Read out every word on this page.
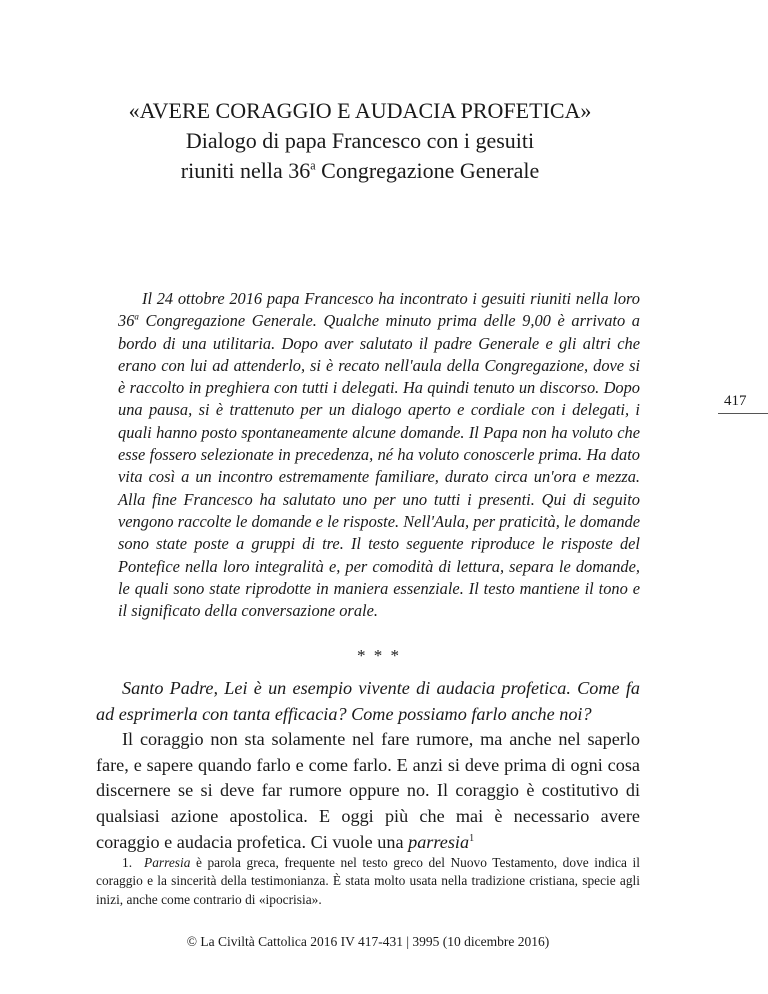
«AVERE CORAGGIO E AUDACIA PROFETICA»
Dialogo di papa Francesco con i gesuiti
riuniti nella 36$^a$ Congregazione Generale
417

Il 24 ottobre 2016 papa Francesco ha incontrato i gesuiti riuniti nella loro 36$^a$ Congregazione Generale. Qualche minuto prima delle 9,00 è arrivato a bordo di una utilitaria. Dopo aver salutato il padre Generale e gli altri che erano con lui ad attenderlo, si è recato nell'aula della Congregazione, dove si è raccolto in preghiera con tutti i delegati. Ha quindi tenuto un discorso. Dopo una pausa, si è trattenuto per un dialogo aperto e cordiale con i delegati, i quali hanno posto spontaneamente alcune domande. Il Papa non ha voluto che esse fossero selezionate in precedenza, né ha voluto conoscerle prima. Ha dato vita così a un incontro estremamente familiare, durato circa un'ora e mezza. Alla fine Francesco ha salutato uno per uno tutti i presenti. Qui di seguito vengono raccolte le domande e le risposte. Nell'Aula, per praticità, le domande sono state poste a gruppi di tre. Il testo seguente riproduce le risposte del Pontefice nella loro integralità e, per comodità di lettura, separa le domande, le quali sono state riprodotte in maniera essenziale. Il testo mantiene il tono e il significato della conversazione orale.

* * *

Santo Padre, Lei è un esempio vivente di audacia profetica. Come fa ad esprimerla con tanta efficacia? Come possiamo farlo anche noi?

Il coraggio non sta solamente nel fare rumore, ma anche nel saperlo fare, e sapere quando farlo e come farlo. E anzi si deve prima di ogni cosa discernere se si deve far rumore oppure no. Il coraggio è costitutivo di qualsiasi azione apostolica. E oggi più che mai è necessario avere coraggio e audacia profetica. Ci vuole una parresia$^1$

1. Parresia è parola greca, frequente nel testo greco del Nuovo Testamento, dove indica il coraggio e la sincerità della testimonianza. È stata molto usata nella tradizione cristiana, specie agli inizi, anche come contrario di «ipocrisia».

© La Civiltà Cattolica 2016 IV 417-431 | 3995 (10 dicembre 2016)
